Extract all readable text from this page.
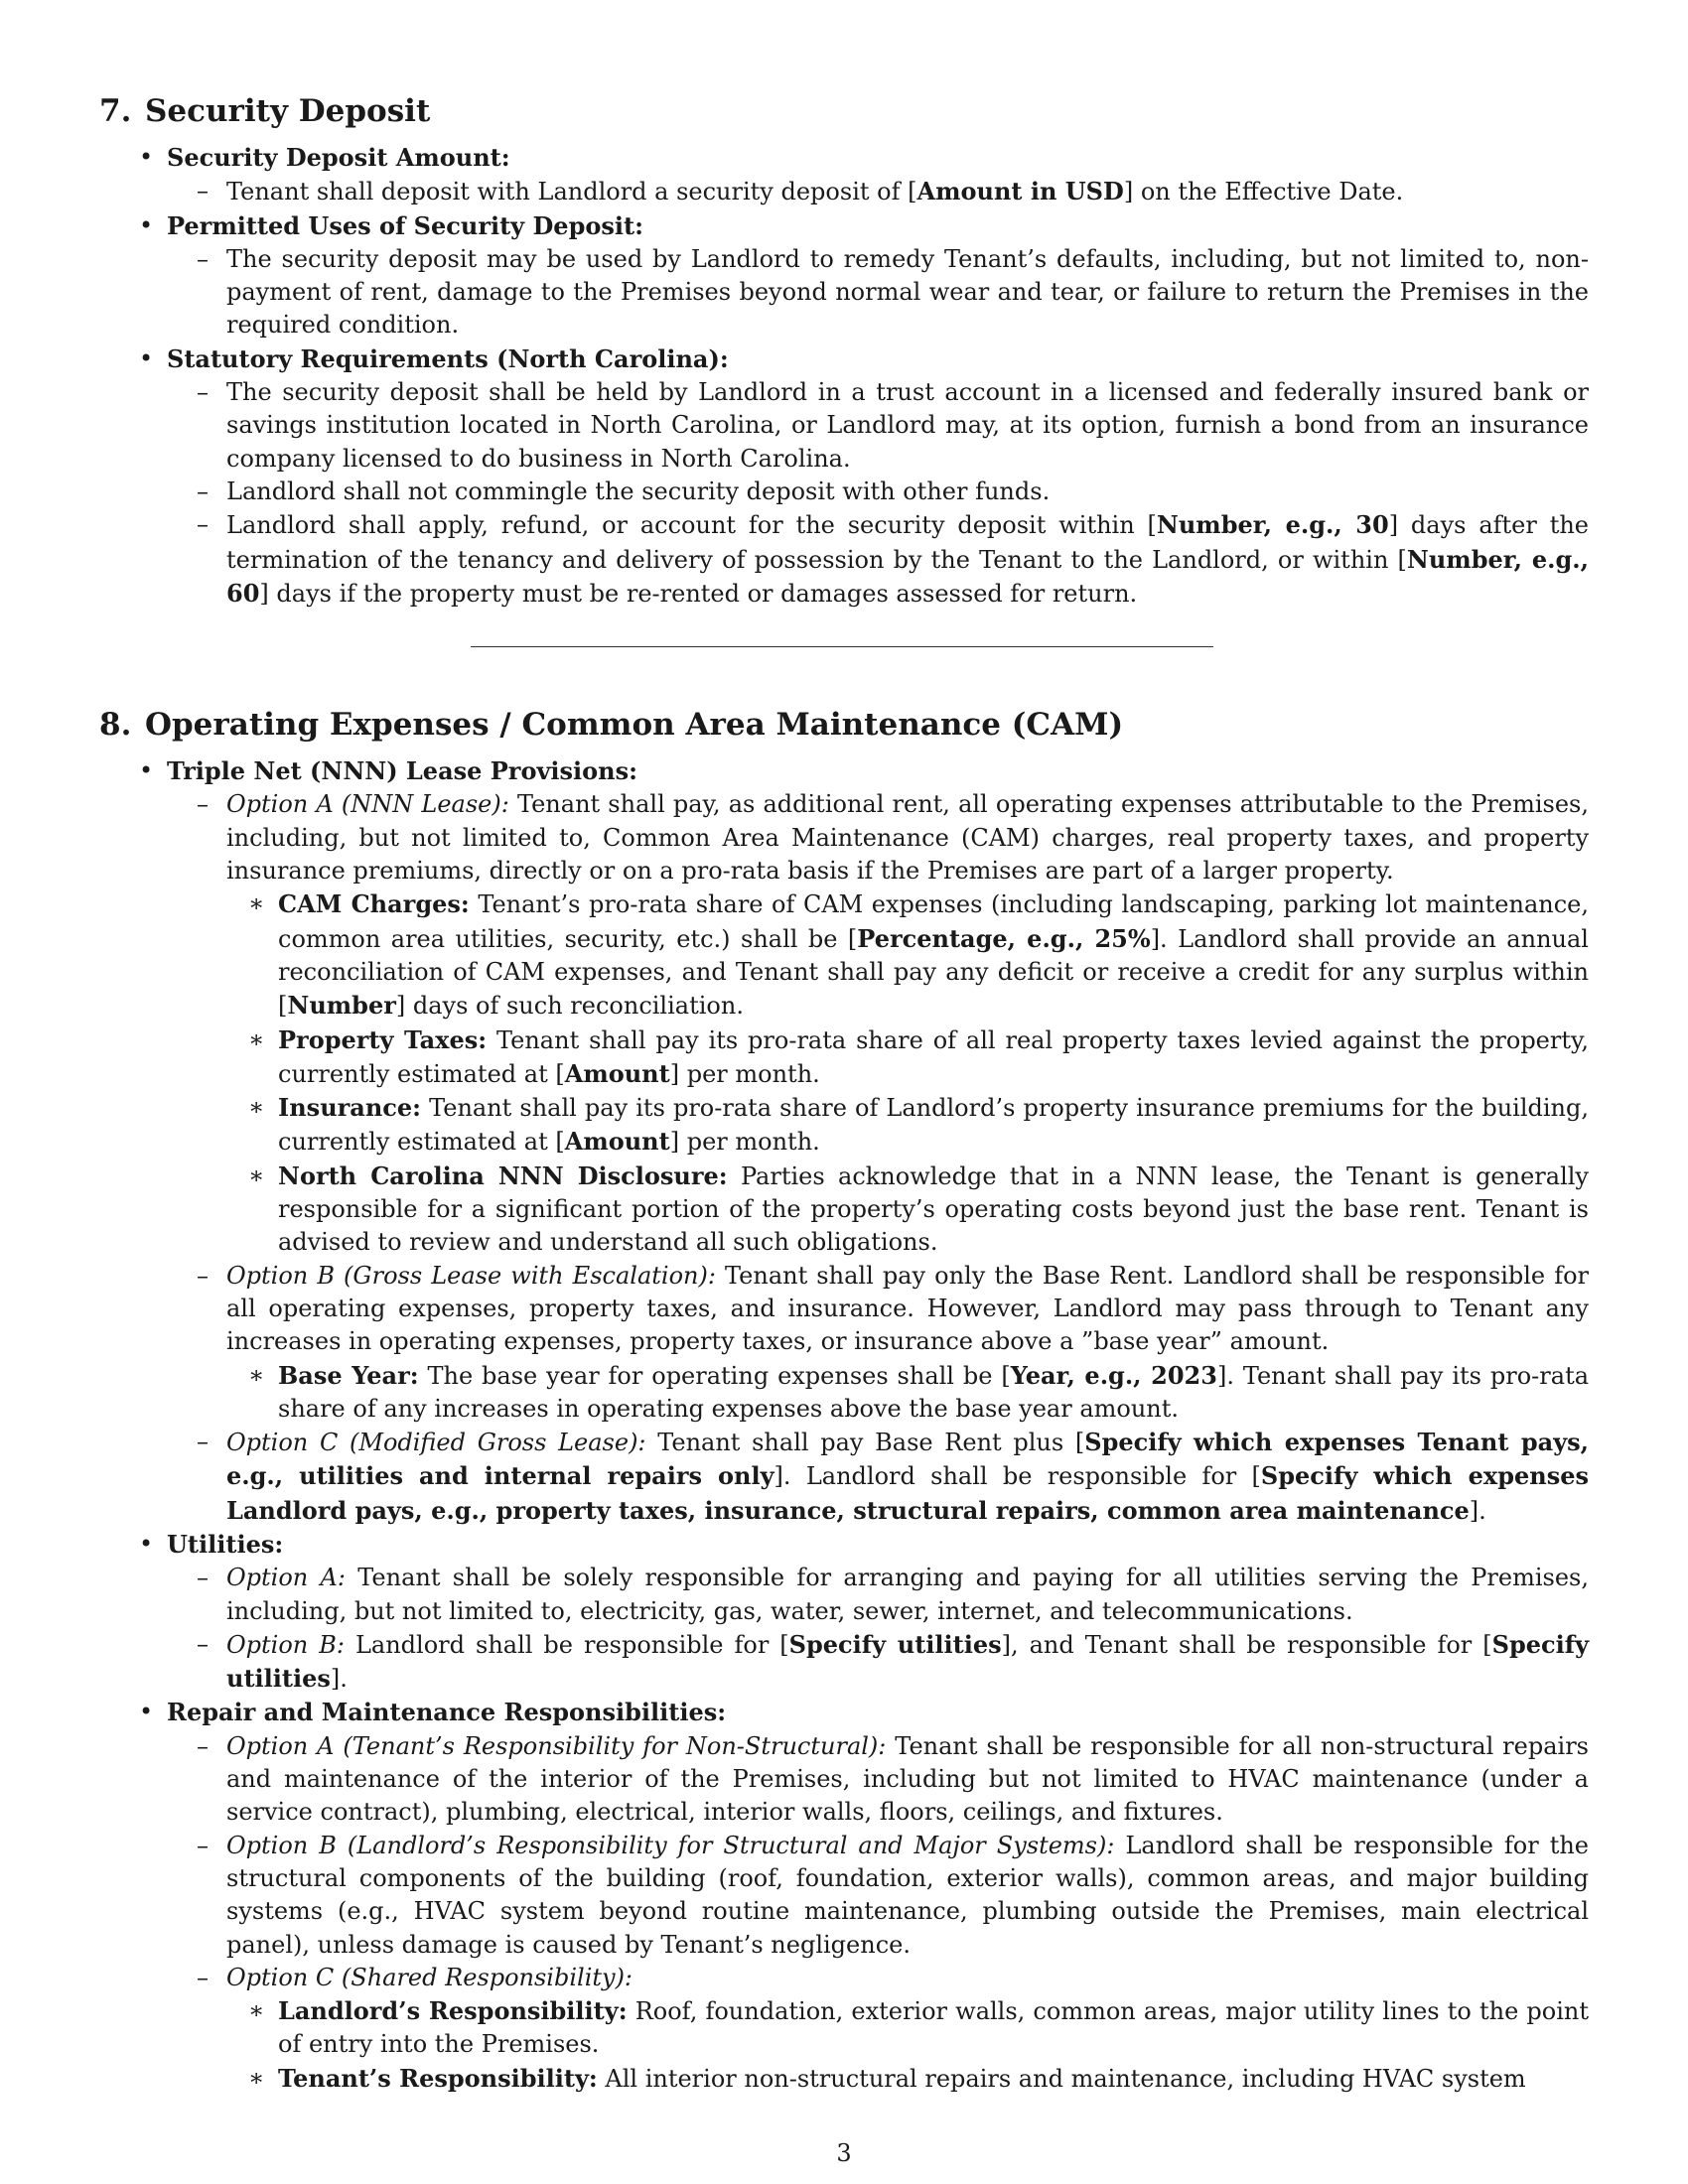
7. Security Deposit
• Security Deposit Amount:
– Tenant shall deposit with Landlord a security deposit of [Amount in USD] on the Effective Date.
• Permitted Uses of Security Deposit:
– The security deposit may be used by Landlord to remedy Tenant’s defaults, including, but not limited to, non-payment of rent, damage to the Premises beyond normal wear and tear, or failure to return the Premises in the required condition.
• Statutory Requirements (North Carolina):
– The security deposit shall be held by Landlord in a trust account in a licensed and federally insured bank or savings institution located in North Carolina, or Landlord may, at its option, furnish a bond from an insurance company licensed to do business in North Carolina.
– Landlord shall not commingle the security deposit with other funds.
– Landlord shall apply, refund, or account for the security deposit within [Number, e.g., 30] days after the termination of the tenancy and delivery of possession by the Tenant to the Landlord, or within [Number, e.g., 60] days if the property must be re-rented or damages assessed for return.
8. Operating Expenses / Common Area Maintenance (CAM)
• Triple Net (NNN) Lease Provisions:
– Option A (NNN Lease): Tenant shall pay, as additional rent, all operating expenses attributable to the Premises, including, but not limited to, Common Area Maintenance (CAM) charges, real property taxes, and property insurance premiums, directly or on a pro-rata basis if the Premises are part of a larger property.
∗ CAM Charges: Tenant’s pro-rata share of CAM expenses (including landscaping, parking lot maintenance, common area utilities, security, etc.) shall be [Percentage, e.g., 25%]. Landlord shall provide an annual reconciliation of CAM expenses, and Tenant shall pay any deficit or receive a credit for any surplus within [Number] days of such reconciliation.
∗ Property Taxes: Tenant shall pay its pro-rata share of all real property taxes levied against the property, currently estimated at [Amount] per month.
∗ Insurance: Tenant shall pay its pro-rata share of Landlord’s property insurance premiums for the building, currently estimated at [Amount] per month.
∗ North Carolina NNN Disclosure: Parties acknowledge that in a NNN lease, the Tenant is generally responsible for a significant portion of the property’s operating costs beyond just the base rent. Tenant is advised to review and understand all such obligations.
– Option B (Gross Lease with Escalation): Tenant shall pay only the Base Rent. Landlord shall be responsible for all operating expenses, property taxes, and insurance. However, Landlord may pass through to Tenant any increases in operating expenses, property taxes, or insurance above a ”base year” amount.
∗ Base Year: The base year for operating expenses shall be [Year, e.g., 2023]. Tenant shall pay its pro-rata share of any increases in operating expenses above the base year amount.
– Option C (Modified Gross Lease): Tenant shall pay Base Rent plus [Specify which expenses Tenant pays, e.g., utilities and internal repairs only]. Landlord shall be responsible for [Specify which expenses Landlord pays, e.g., property taxes, insurance, structural repairs, common area maintenance].
• Utilities:
– Option A: Tenant shall be solely responsible for arranging and paying for all utilities serving the Premises, including, but not limited to, electricity, gas, water, sewer, internet, and telecommunications.
– Option B: Landlord shall be responsible for [Specify utilities], and Tenant shall be responsible for [Specify utilities].
• Repair and Maintenance Responsibilities:
– Option A (Tenant’s Responsibility for Non-Structural): Tenant shall be responsible for all non-structural repairs and maintenance of the interior of the Premises, including but not limited to HVAC maintenance (under a service contract), plumbing, electrical, interior walls, floors, ceilings, and fixtures.
– Option B (Landlord’s Responsibility for Structural and Major Systems): Landlord shall be responsible for the structural components of the building (roof, foundation, exterior walls), common areas, and major building systems (e.g., HVAC system beyond routine maintenance, plumbing outside the Premises, main electrical panel), unless damage is caused by Tenant’s negligence.
– Option C (Shared Responsibility):
∗ Landlord’s Responsibility: Roof, foundation, exterior walls, common areas, major utility lines to the point of entry into the Premises.
∗ Tenant’s Responsibility: All interior non-structural repairs and maintenance, including HVAC system
3
